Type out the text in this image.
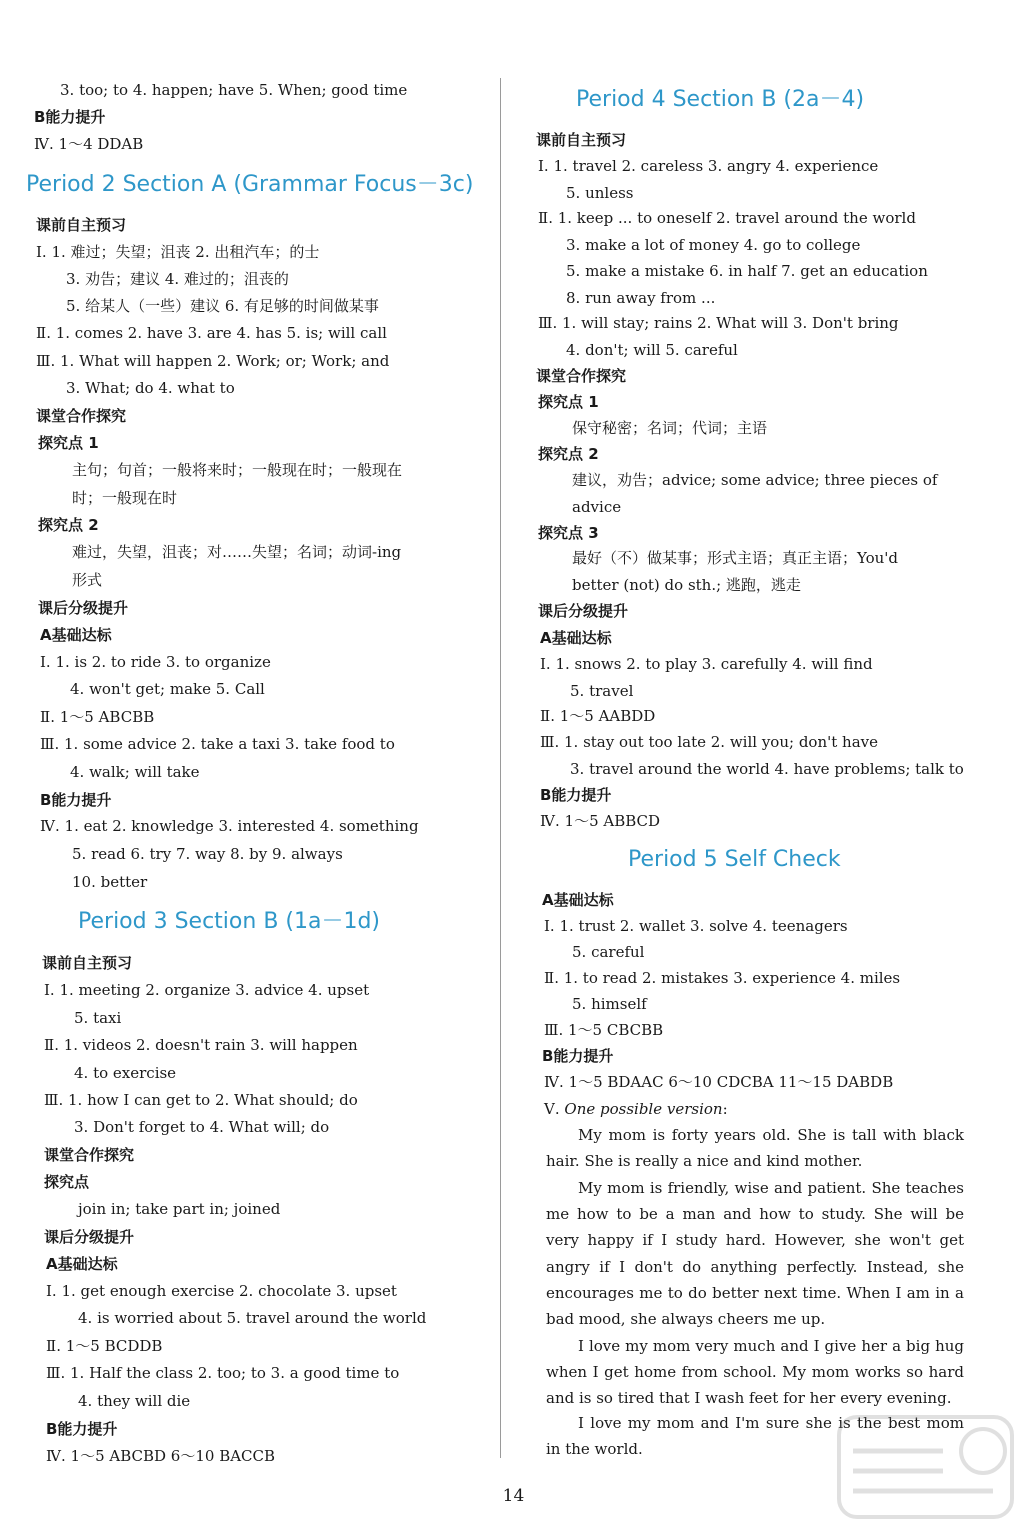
3. too; to 4. happen; have 5. When; good time
B能力提升
Ⅳ. 1～4 DDAB
Period 2 Section A (Grammar Focus－3c)
课前自主预习
Ⅰ. 1. 难过；失望；沮丧 2. 出租汽车；的士
3. 劝告；建议 4. 难过的；沮丧的
5. 给某人（一些）建议 6. 有足够的时间做某事
Ⅱ. 1. comes 2. have 3. are 4. has 5. is; will call
Ⅲ. 1. What will happen 2. Work; or; Work; and
3. What; do 4. what to
课堂合作探究
探究点 1
主句；句首；一般将来时；一般现在时；一般现在
时；一般现在时
探究点 2
难过，失望，沮丧；对……失望；名词；动词-ing
形式
课后分级提升
A基础达标
Ⅰ. 1. is 2. to ride 3. to organize
4. won't get; make 5. Call
Ⅱ. 1～5 ABCBB
Ⅲ. 1. some advice 2. take a taxi 3. take food to
4. walk; will take
B能力提升
Ⅳ. 1. eat 2. knowledge 3. interested 4. something
5. read 6. try 7. way 8. by 9. always
10. better
Period 3 Section B (1a－1d)
课前自主预习
Ⅰ. 1. meeting 2. organize 3. advice 4. upset
5. taxi
Ⅱ. 1. videos 2. doesn't rain 3. will happen
4. to exercise
Ⅲ. 1. how I can get to 2. What should; do
3. Don't forget to 4. What will; do
课堂合作探究
探究点
join in; take part in; joined
课后分级提升
A基础达标
Ⅰ. 1. get enough exercise 2. chocolate 3. upset
4. is worried about 5. travel around the world
Ⅱ. 1～5 BCDDB
Ⅲ. 1. Half the class 2. too; to 3. a good time to
4. they will die
B能力提升
Ⅳ. 1～5 ABCBD 6～10 BACCB
Period 4 Section B (2a－4)
课前自主预习
Ⅰ. 1. travel 2. careless 3. angry 4. experience
5. unless
Ⅱ. 1. keep ... to oneself 2. travel around the world
3. make a lot of money 4. go to college
5. make a mistake 6. in half 7. get an education
8. run away from ...
Ⅲ. 1. will stay; rains 2. What will 3. Don't bring
4. don't; will 5. careful
课堂合作探究
探究点 1
保守秘密；名词；代词；主语
探究点 2
建议，劝告；advice; some advice; three pieces of
advice
探究点 3
最好（不）做某事；形式主语；真正主语；You'd
better (not) do sth.; 逃跑，逃走
课后分级提升
A基础达标
Ⅰ. 1. snows 2. to play 3. carefully 4. will find
5. travel
Ⅱ. 1～5 AABDD
Ⅲ. 1. stay out too late 2. will you; don't have
3. travel around the world 4. have problems; talk to
B能力提升
Ⅳ. 1～5 ABBCD
Period 5 Self Check
A基础达标
Ⅰ. 1. trust 2. wallet 3. solve 4. teenagers
5. careful
Ⅱ. 1. to read 2. mistakes 3. experience 4. miles
5. himself
Ⅲ. 1～5 CBCBB
B能力提升
Ⅳ. 1～5 BDAAC 6～10 CDCBA 11～15 DABDB
Ⅴ. One possible version:
My mom is forty years old. She is tall with black hair. She is really a nice and kind mother.
My mom is friendly, wise and patient. She teaches me how to be a man and how to study. She will be very happy if I study hard. However, she won't get angry if I don't do anything perfectly. Instead, she encourages me to do better next time. When I am in a bad mood, she always cheers me up.
I love my mom very much and I give her a big hug when I get home from school. My mom works so hard and is so tired that I wash feet for her every evening.
I love my mom and I'm sure she is the best mom in the world.
14
